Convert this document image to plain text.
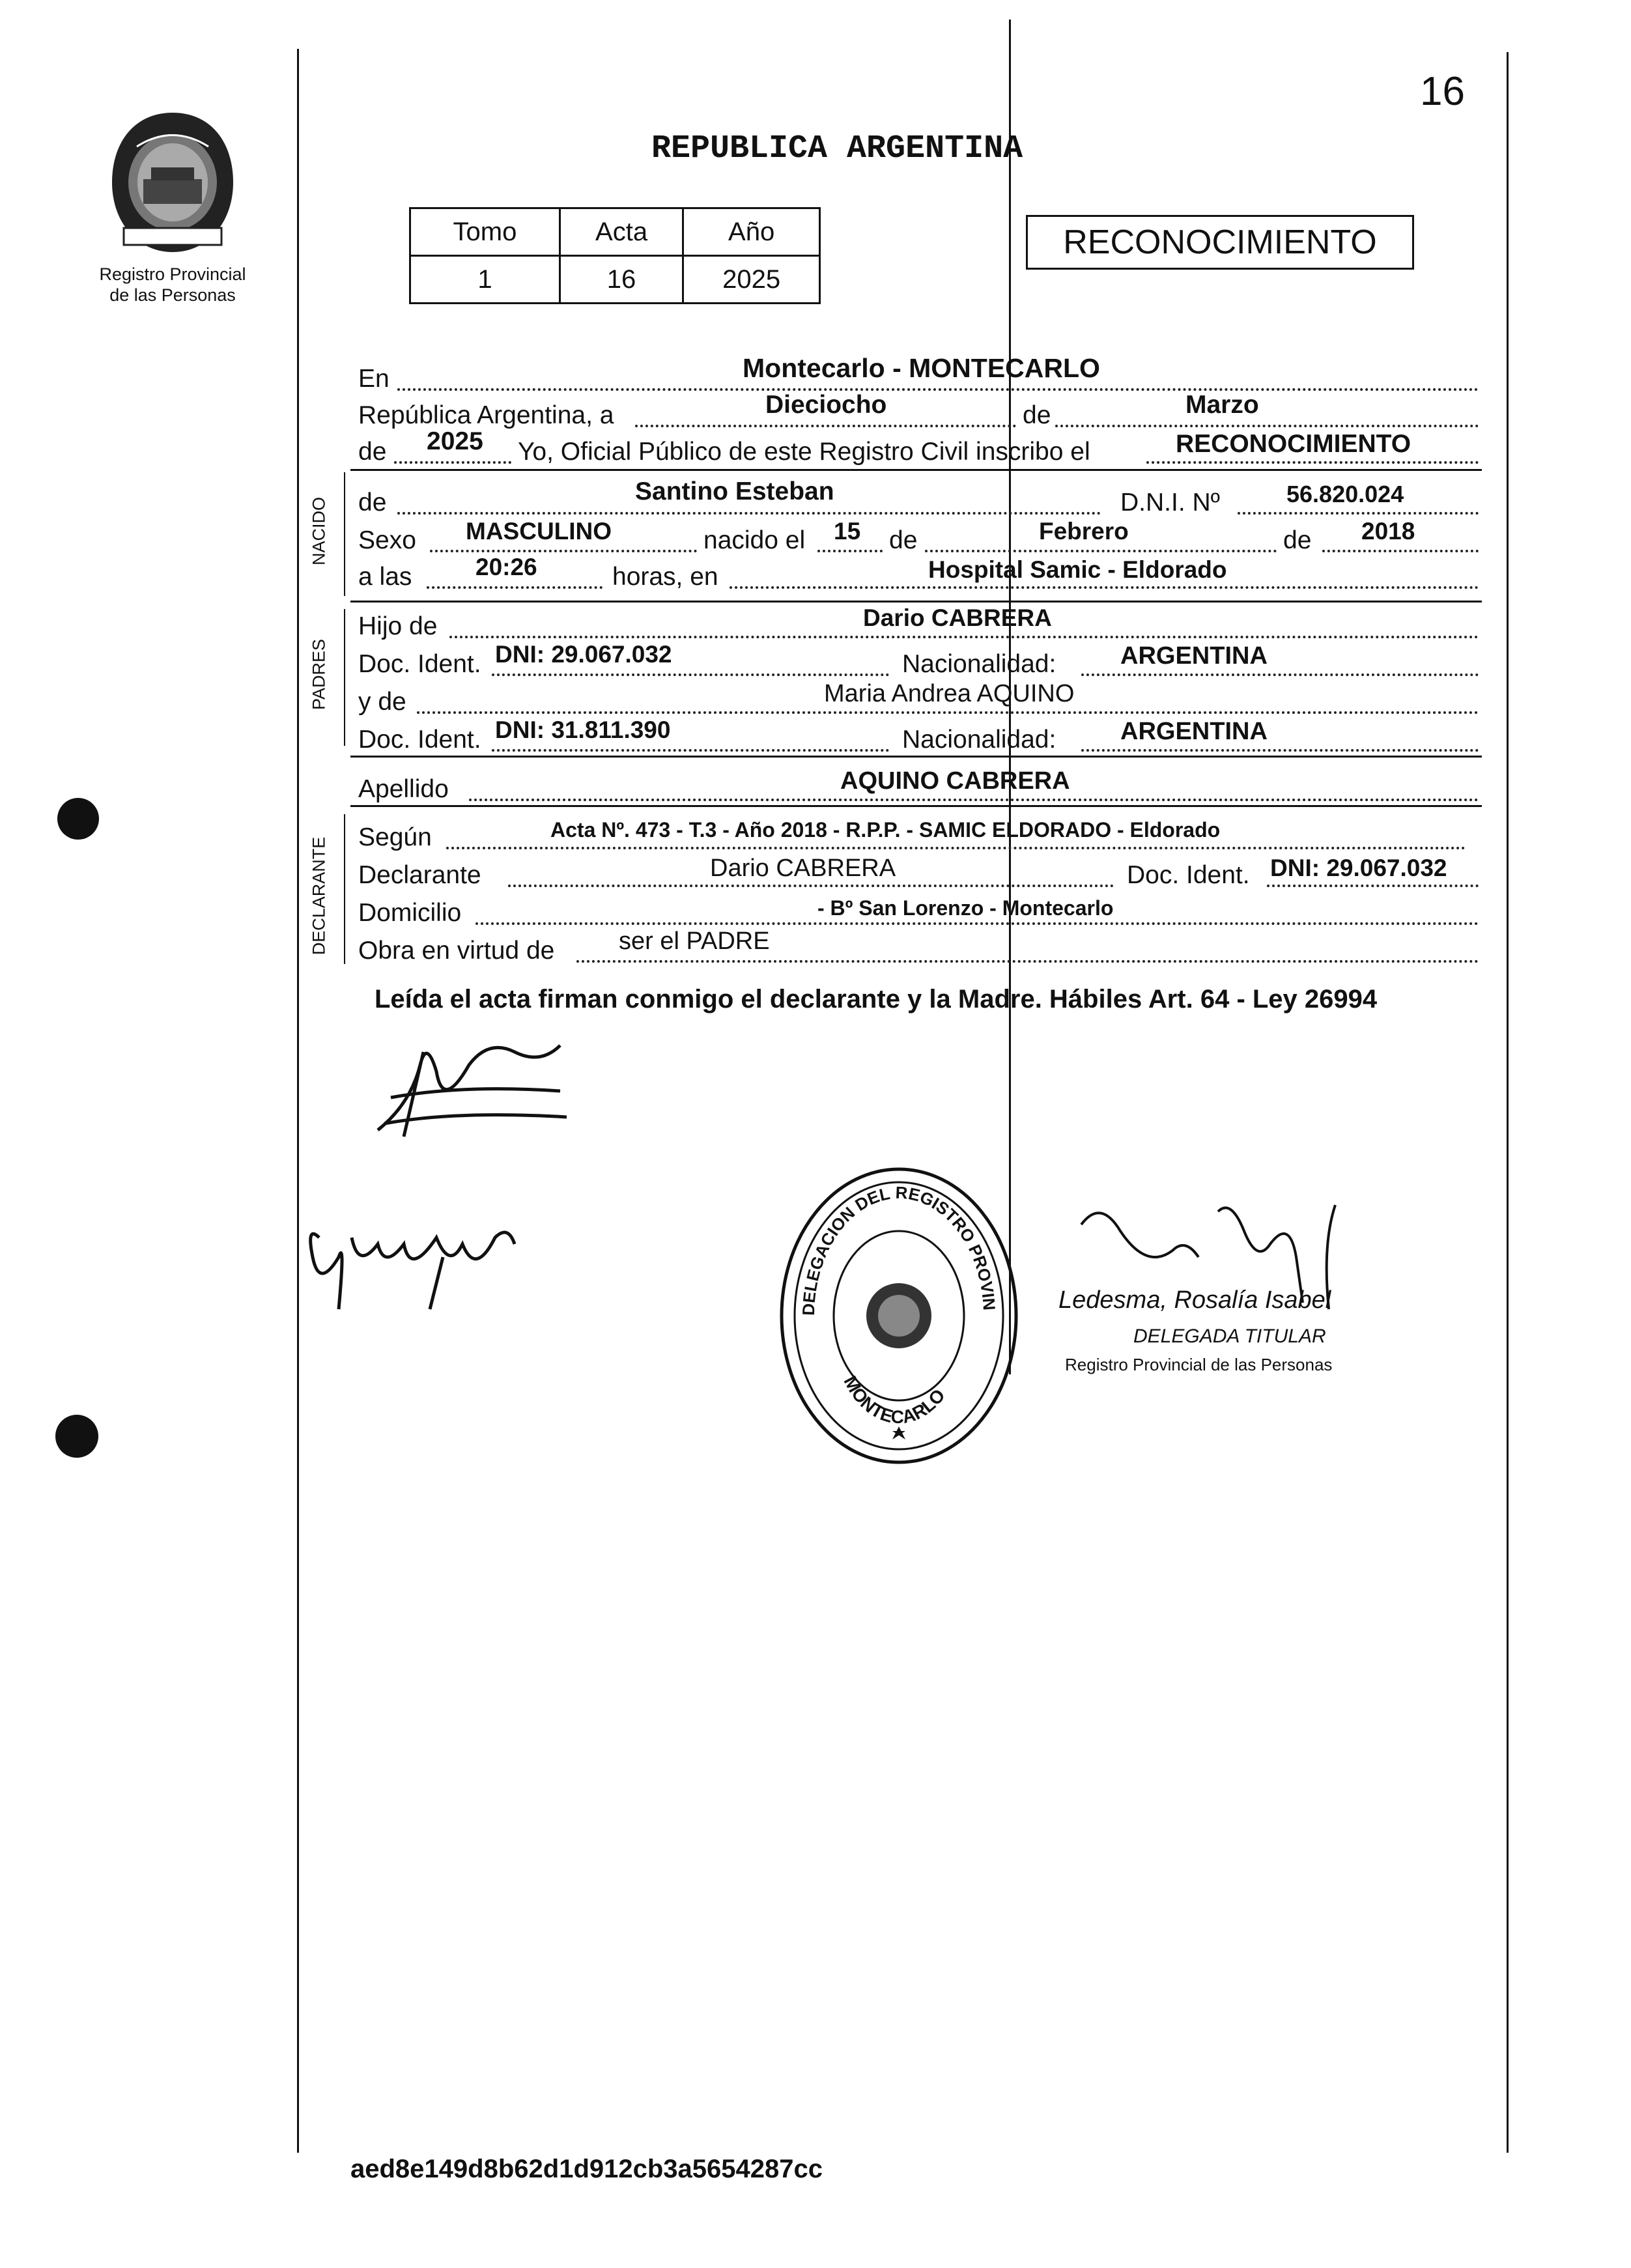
16
Registro Provincial
de las Personas
REPUBLICA ARGENTINA
Tomo	Acta	Año
1	16	2025
RECONOCIMIENTO
NACIDO
PADRES
DECLARANTE
En	Montecarlo - MONTECARLO
República Argentina, a	Dieciocho	de	Marzo
de 2025 Yo, Oficial Público de este Registro Civil inscribo el	RECONOCIMIENTO
de	Santino Esteban	D.N.I. Nº	56.820.024
Sexo MASCULINO	nacido el 15 de	Febrero	de 2018
a las	20:26	horas, en	Hospital Samic - Eldorado
Hijo de	Dario CABRERA
Doc. Ident. DNI: 29.067.032	Nacionalidad:	ARGENTINA
y de	Maria Andrea AQUINO
Doc. Ident. DNI: 31.811.390	Nacionalidad:	ARGENTINA
Apellido	AQUINO CABRERA
Según	Acta Nº. 473 - T.3 - Año 2018 - R.P.P. - SAMIC ELDORADO - Eldorado
Declarante	Dario CABRERA	Doc. Ident. DNI: 29.067.032
Domicilio	- Bº San Lorenzo - Montecarlo
Obra en virtud de	ser el PADRE
Leída el acta firman conmigo el declarante y la Madre. Hábiles Art. 64 - Ley 26994
DELEGACION DEL REGISTRO PROVIN
MONTECARLO
Ledesma, Rosalía Isabel
DELEGADA TITULAR
Registro Provincial de las Personas
aed8e149d8b62d1d912cb3a5654287cc
